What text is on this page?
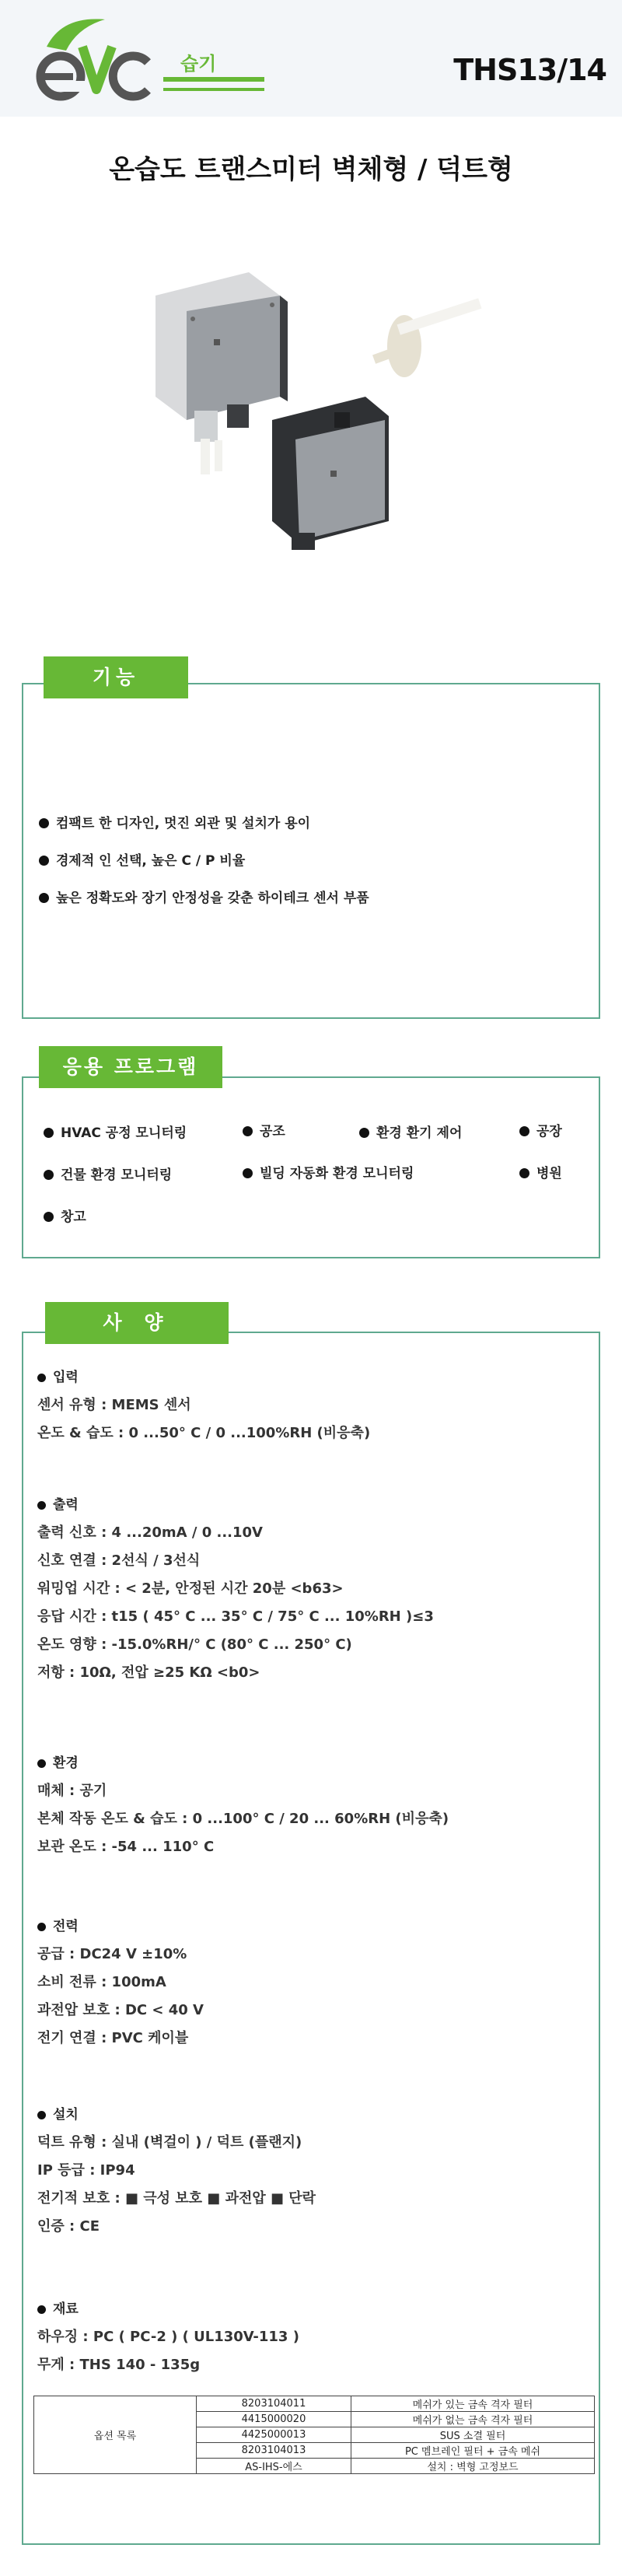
습기	THS13/14
온습도 트랜스미터 벽체형 / 덕트형
기능
컴팩트 한 디자인, 멋진 외관 및 설치가 용이
경제적 인 선택, 높은 C / P 비율
높은 정확도와 장기 안정성을 갖춘 하이테크 센서 부품
응용 프로그램
HVAC 공정 모니터링	공조	환경 환기 제어	공장
건물 환경 모니터링	빌딩 자동화 환경 모니터링	병원
창고
입력
센서 유형 : MEMS 센서
온도 & 습도 : 0 ...50° C / 0 ...100%RH (비응축)
출력
출력 신호 : 4 ...20mA / 0 ...10V
신호 연결 : 2선식 / 3선식
워밍업 시간 : < 2분, 안정된 시간 20분 <b63>
응답 시간 : t15 ( 45° C ... 35° C / 75° C ... 10%RH )≤3
온도 영향 : -15.0%RH/° C (80° C ... 250° C)
저항 : 10Ω, 전압 ≥25 KΩ <b0>
환경
매체 : 공기
본체 작동 온도 & 습도 : 0 ...100° C / 20 ... 60%RH (비응축)
보관 온도 : -54 ... 110° C
전력
공급 : DC24 V ±10%
소비 전류 : 100mA
과전압 보호 : DC < 40 V
전기 연결 : PVC 케이블
설치
덕트 유형 : 실내 (벽걸이 ) / 덕트 (플랜지)
IP 등급 : IP94
전기적 보호 : ■ 극성 보호 ■ 과전압 ■ 단락
인증 : CE
재료
하우징 : PC ( PC-2 ) ( UL130V-113 )
무게 : THS 140 - 135g
사 양
옵션 목록	8203104011	메쉬가 있는 금속 격자 필터
	4415000020	메쉬가 없는 금속 격자 필터
	4425000013	SUS 소결 필터
	8203104013	PC 멤브레인 필터 + 금속 메쉬
	AS-IHS-에스	설치 : 벽형 고정보드
